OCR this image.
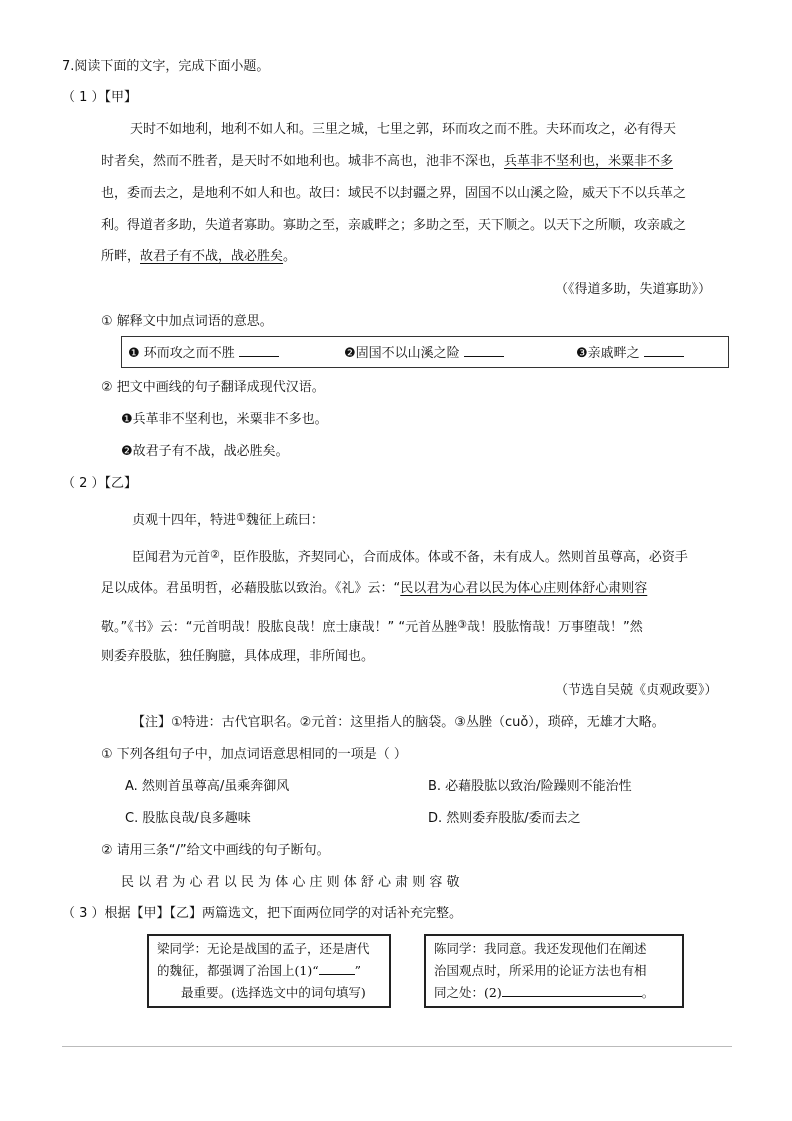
7.阅读下面的文字，完成下面小题。
（ 1 ）【甲】
天时不如地利，地利不如人和。三里之城，七里之郭，环而攻之而不胜。夫环而攻之，必有得天
时者矣，然而不胜者，是天时不如地利也。城非不高也，池非不深也，兵革非不坚利也，米粟非不多
也，委而去之，是地利不如人和也。故曰：域民不以封疆之界，固国不以山溪之险，威天下不以兵革之
利。得道者多助，失道者寡助。寡助之至，亲戚畔之；多助之至，天下顺之。以天下之所顺，攻亲戚之
所畔，故君子有不战，战必胜矣。
（《得道多助，失道寡助》）
① 解释文中加点词语的意思。
❶ 环而攻之而不胜	❷固国不以山溪之险	❸亲戚畔之
② 把文中画线的句子翻译成现代汉语。
❶兵革非不坚利也，米粟非不多也。
❷故君子有不战，战必胜矣。
（ 2 ）【乙】
贞观十四年，特进①魏征上疏曰：
臣闻君为元首②，臣作股肱，齐契同心，合而成体。体或不备，未有成人。然则首虽尊高，必资手
足以成体。君虽明哲，必藉股肱以致治。《礼》云：“民以君为心君以民为体心庄则体舒心肃则容
敬。”《书》云：“元首明哉！股肱良哉！庶士康哉！” “元首丛脞③哉！股肱惰哉！万事堕哉！”然
则委弃股肱，独任胸臆，具体成理，非所闻也。
（节选自吴兢《贞观政要》）
【注】①特进：古代官职名。②元首：这里指人的脑袋。③丛脞（cuǒ），琐碎，无雄才大略。
① 下列各组句子中，加点词语意思相同的一项是（ ）
A. 然则首虽尊高/虽乘奔御风	B. 必藉股肱以致治/险躁则不能治性
C. 股肱良哉/良多趣味	D. 然则委弃股肱/委而去之
② 请用三条“/”给文中画线的句子断句。
民 以 君 为 心 君 以 民 为 体 心 庄 则 体 舒 心 肃 则 容 敬
（ 3 ）根据【甲】【乙】两篇选文，把下面两位同学的对话补充完整。
梁同学：无论是战国的孟子，还是唐代
的魏征，都强调了治国上(1)“	”
最重要。(选择选文中的词句填写)
陈同学：我同意。我还发现他们在阐述
治国观点时，所采用的论证方法也有相
同之处：(2)	。
